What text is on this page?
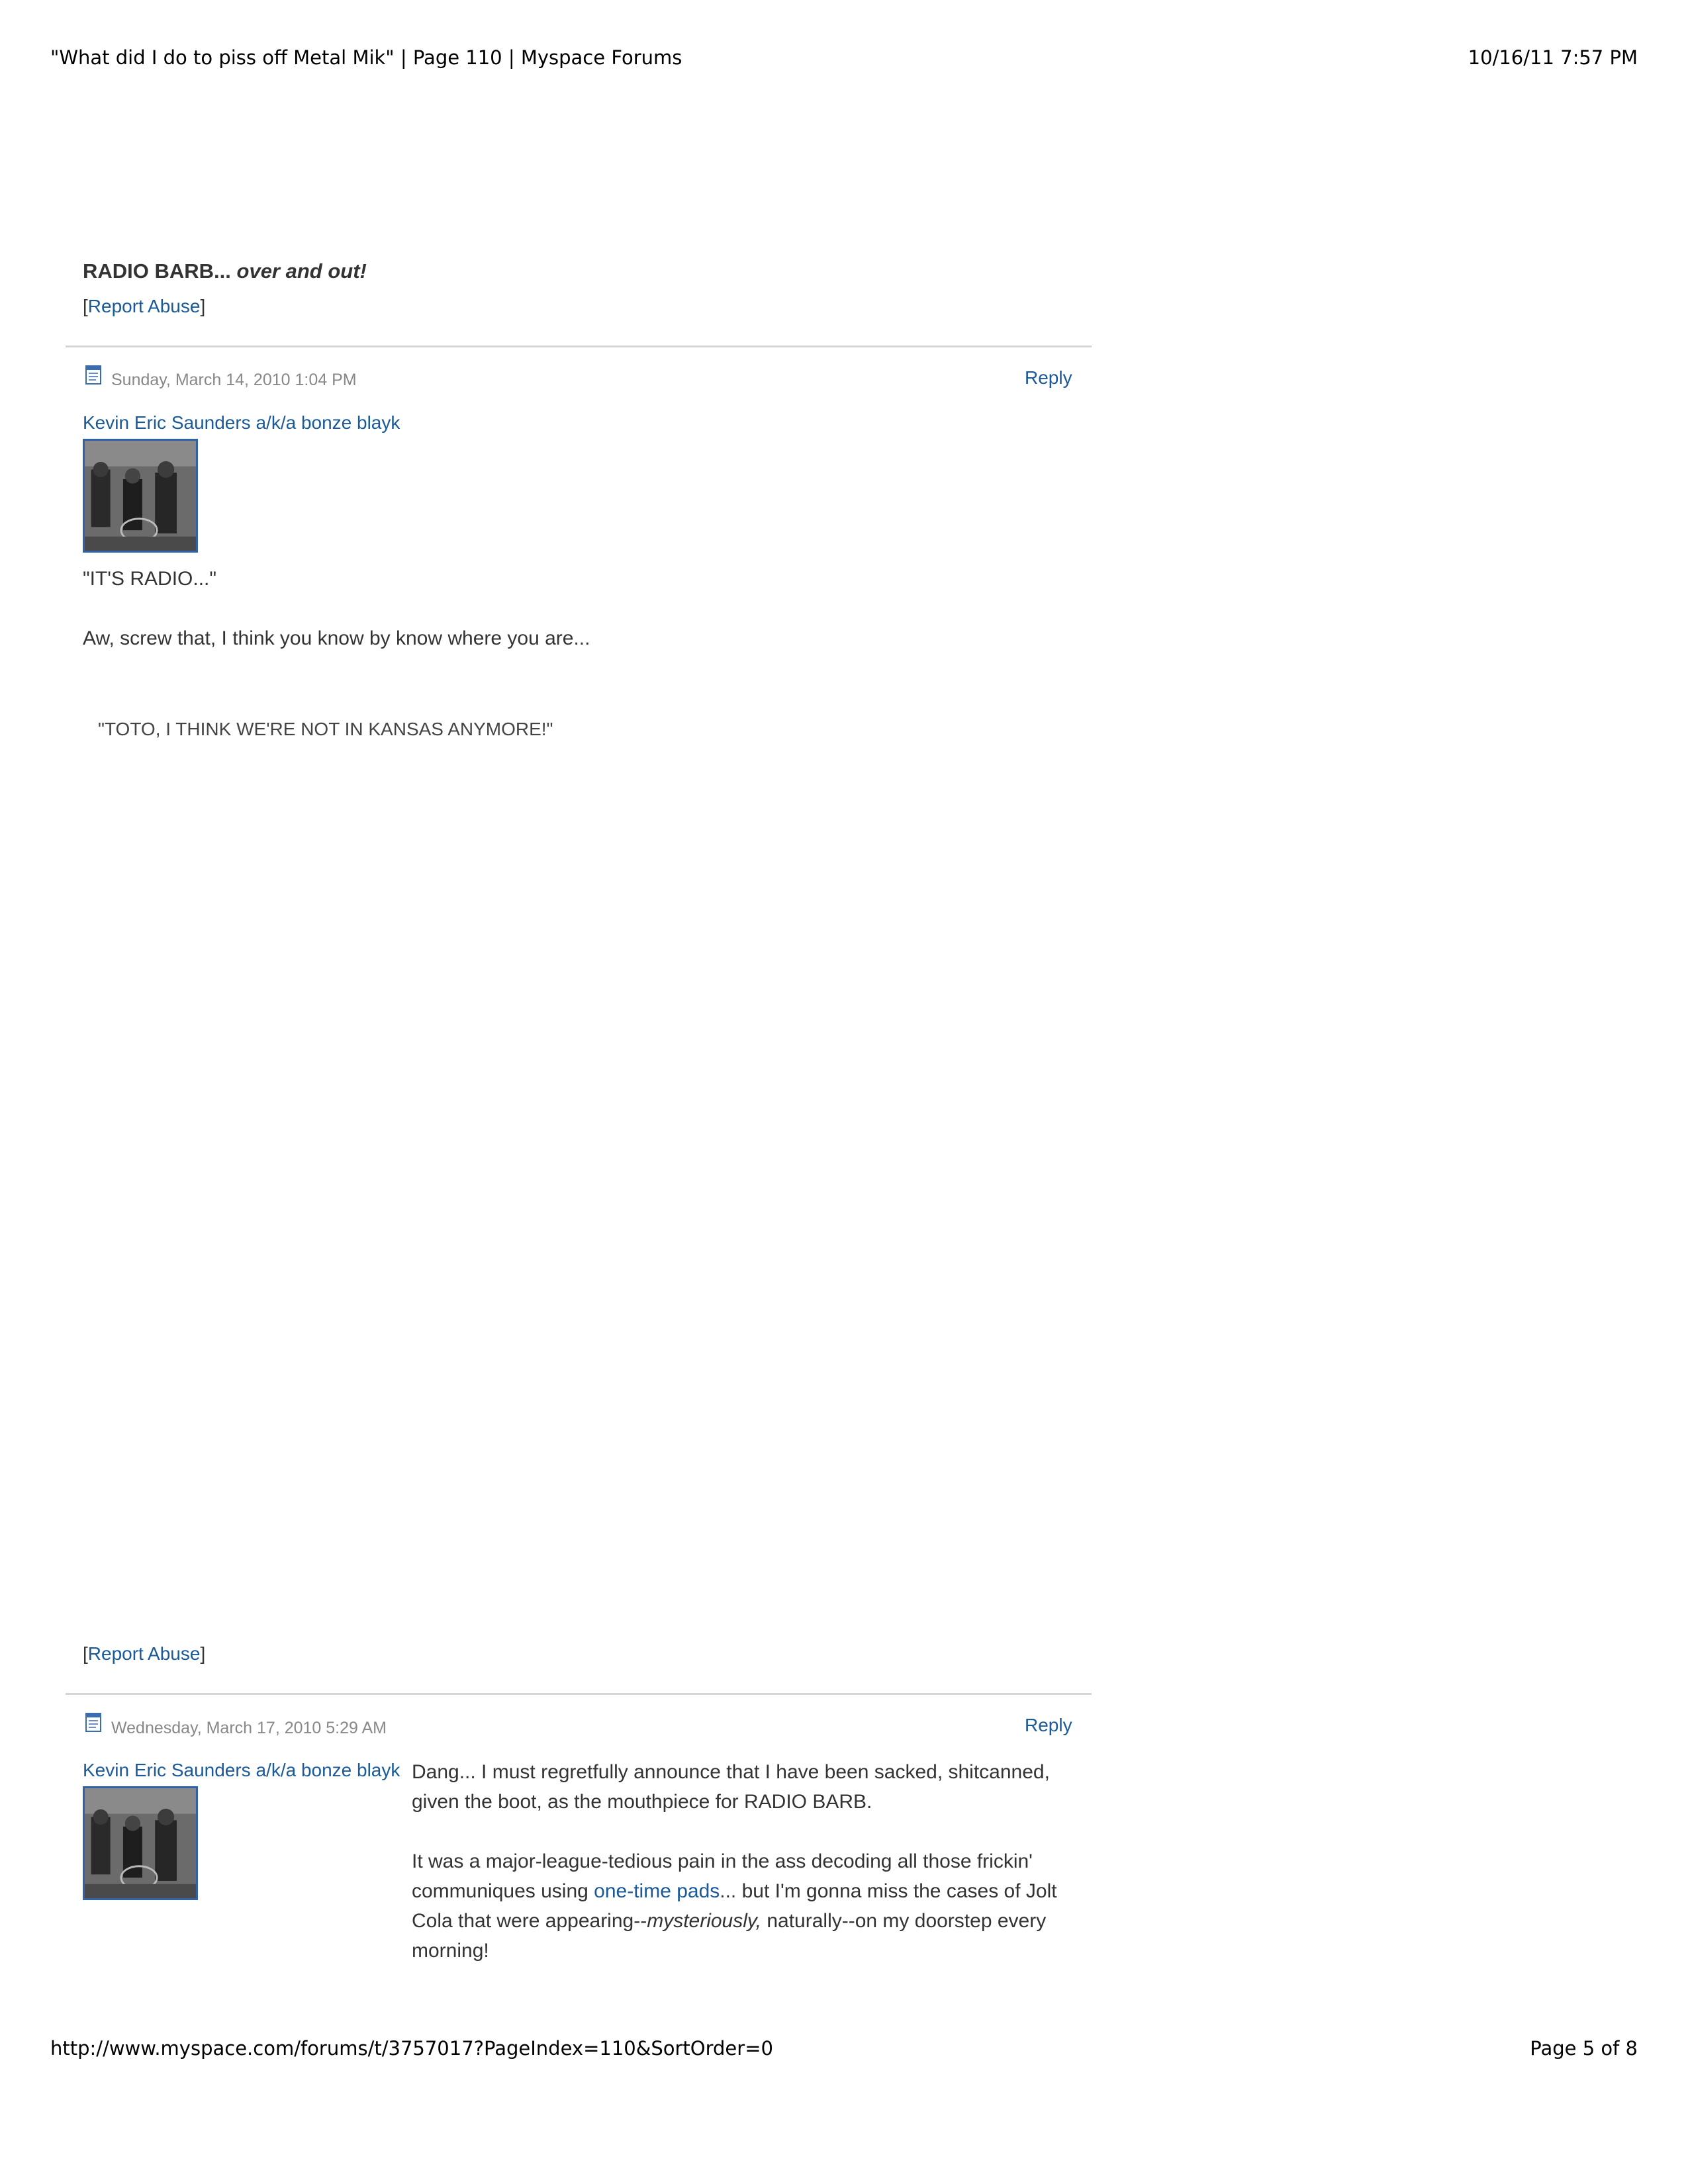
"What did I do to piss off Metal Mik" | Page 110 | Myspace Forums	10/16/11 7:57 PM
RADIO BARB... over and out!
[Report Abuse]
Sunday, March 14, 2010 1:04 PM	Reply
Kevin Eric Saunders a/k/a bonze blayk
"IT'S RADIO..."
Aw, screw that, I think you know by know where you are...
"TOTO, I THINK WE'RE NOT IN KANSAS ANYMORE!"
[Report Abuse]
Wednesday, March 17, 2010 5:29 AM	Reply
Kevin Eric Saunders a/k/a bonze blayk Dang... I must regretfully announce that I have been sacked, shitcanned, given the boot, as the mouthpiece for RADIO BARB.

It was a major-league-tedious pain in the ass decoding all those frickin' communiques using one-time pads... but I'm gonna miss the cases of Jolt Cola that were appearing--mysteriously, naturally--on my doorstep every morning!

http://www.myspace.com/forums/t/3757017?PageIndex=110&SortOrder=0	Page 5 of 8
